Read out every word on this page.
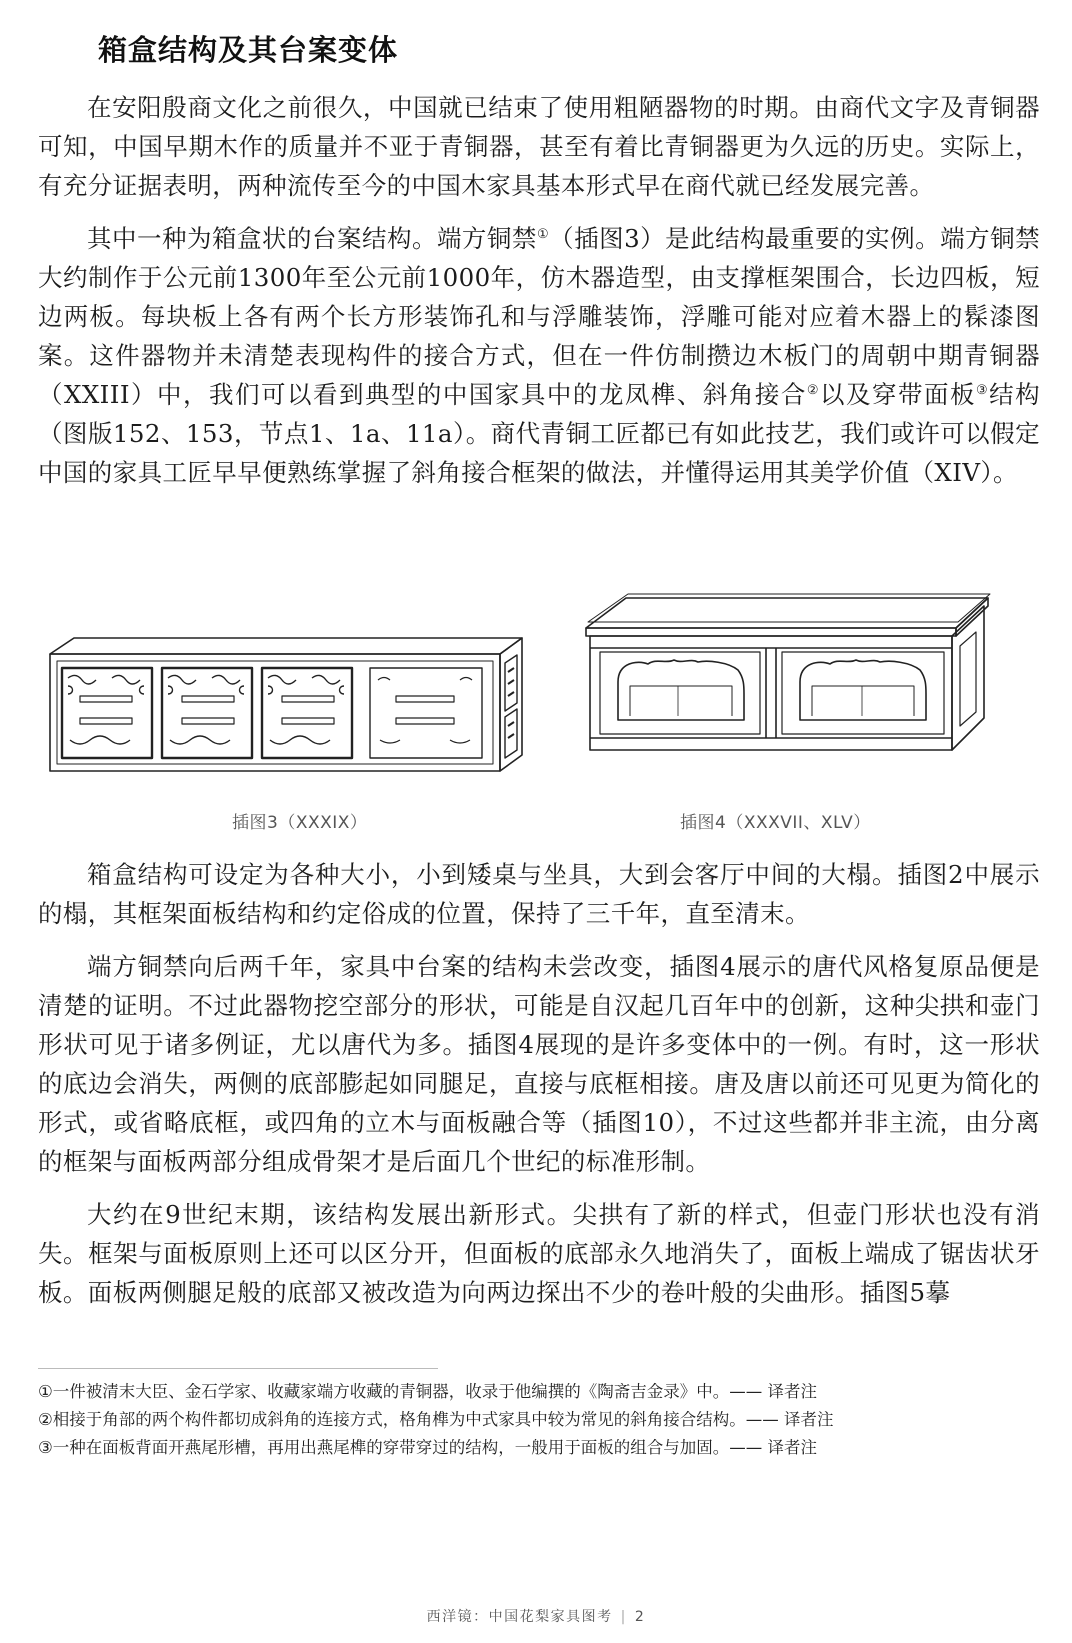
箱盒结构及其台案变体

在安阳殷商文化之前很久，中国就已结束了使用粗陋器物的时期。由商代文字及青铜器可知，中国早期木作的质量并不亚于青铜器，甚至有着比青铜器更为久远的历史。实际上，有充分证据表明，两种流传至今的中国木家具基本形式早在商代就已经发展完善。

其中一种为箱盒状的台案结构。端方铜禁①（插图3）是此结构最重要的实例。端方铜禁大约制作于公元前1300年至公元前1000年，仿木器造型，由支撑框架围合，长边四板，短边两板。每块板上各有两个长方形装饰孔和与浮雕装饰，浮雕可能对应着木器上的髹漆图案。这件器物并未清楚表现构件的接合方式，但在一件仿制攒边木板门的周朝中期青铜器（XXIII）中，我们可以看到典型的中国家具中的龙凤榫、斜角接合②以及穿带面板③结构（图版152、153，节点1、1a、11a）。商代青铜工匠都已有如此技艺，我们或许可以假定中国的家具工匠早早便熟练掌握了斜角接合框架的做法，并懂得运用其美学价值（XIV）。

插图3（XXXIX）	插图4（XXXVII、XLV）

箱盒结构可设定为各种大小，小到矮桌与坐具，大到会客厅中间的大榻。插图2中展示的榻，其框架面板结构和约定俗成的位置，保持了三千年，直至清末。

端方铜禁向后两千年，家具中台案的结构未尝改变，插图4展示的唐代风格复原品便是清楚的证明。不过此器物挖空部分的形状，可能是自汉起几百年中的创新，这种尖拱和壶门形状可见于诸多例证，尤以唐代为多。插图4展现的是许多变体中的一例。有时，这一形状的底边会消失，两侧的底部膨起如同腿足，直接与底框相接。唐及唐以前还可见更为简化的形式，或省略底框，或四角的立木与面板融合等（插图10），不过这些都并非主流，由分离的框架与面板两部分组成骨架才是后面几个世纪的标准形制。

大约在9世纪末期，该结构发展出新形式。尖拱有了新的样式，但壶门形状也没有消失。框架与面板原则上还可以区分开，但面板的底部永久地消失了，面板上端成了锯齿状牙板。面板两侧腿足般的底部又被改造为向两边探出不少的卷叶般的尖曲形。插图5摹

①一件被清末大臣、金石学家、收藏家端方收藏的青铜器，收录于他编撰的《陶斋吉金录》中。—— 译者注
②相接于角部的两个构件都切成斜角的连接方式，格角榫为中式家具中较为常见的斜角接合结构。—— 译者注
③一种在面板背面开燕尾形槽，再用出燕尾榫的穿带穿过的结构，一般用于面板的组合与加固。—— 译者注
西洋镜：中国花梨家具图考 | 2
